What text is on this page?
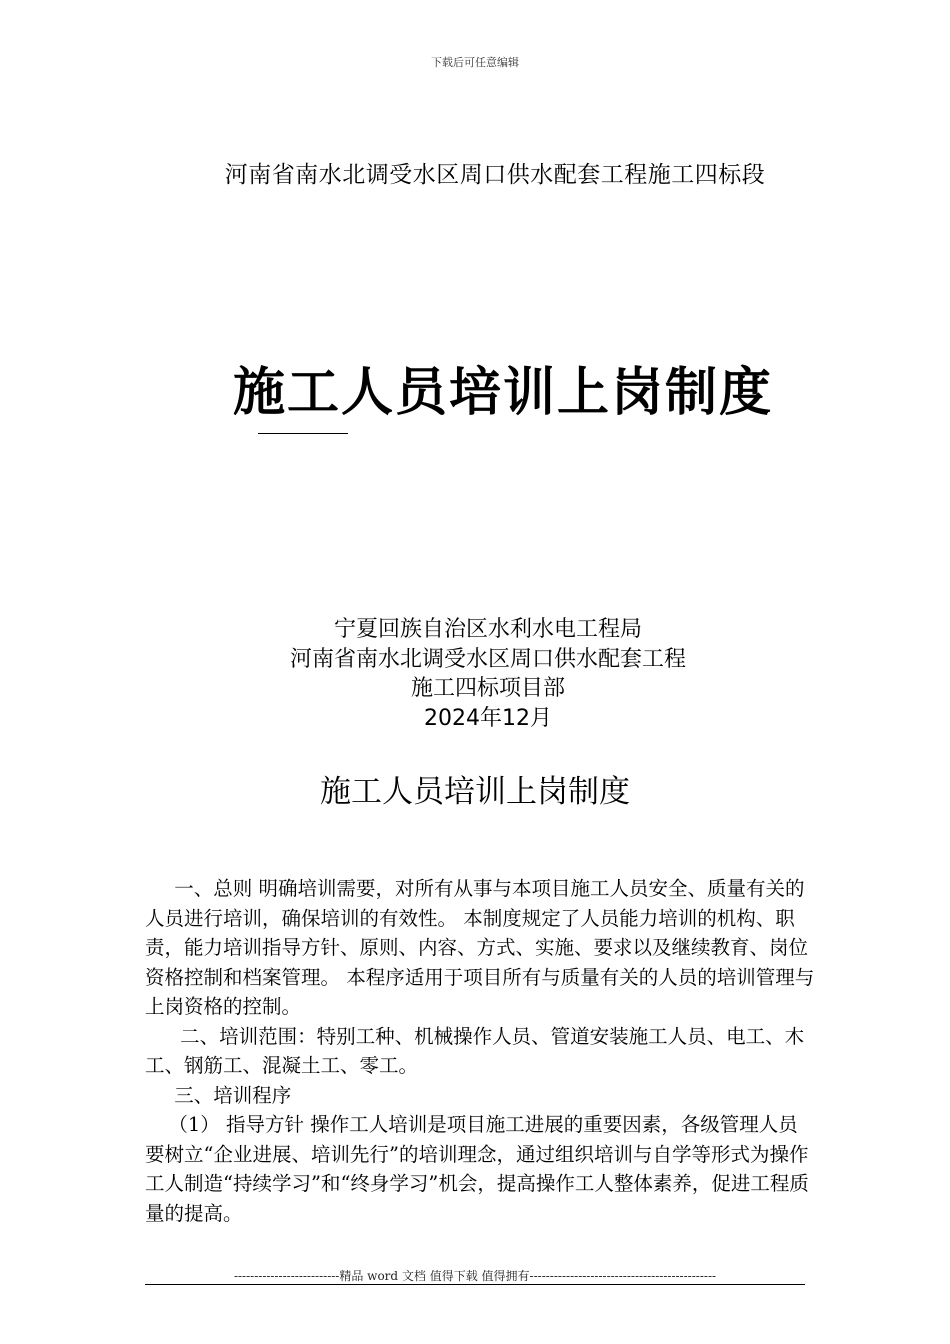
下载后可任意编辑
河南省南水北调受水区周口供水配套工程施工四标段
施工人员培训上岗制度
宁夏回族自治区水利水电工程局
河南省南水北调受水区周口供水配套工程
施工四标项目部
2024年12月
施工人员培训上岗制度

一、总则 明确培训需要，对所有从事与本项目施工人员安全、质量有关的人员进行培训，确保培训的有效性。 本制度规定了人员能力培训的机构、职责，能力培训指导方针、原则、内容、方式、实施、要求以及继续教育、岗位资格控制和档案管理。 本程序适用于项目所有与质量有关的人员的培训管理与上岗资格的控制。

二、培训范围：特别工种、机械操作人员、管道安装施工人员、电工、木工、钢筋工、混凝土工、零工。

三、培训程序

（1） 指导方针 操作工人培训是项目施工进展的重要因素，各级管理人员要树立“企业进展、培训先行”的培训理念，通过组织培训与自学等形式为操作工人制造“持续学习”和“终身学习”机会，提高操作工人整体素养，促进工程质量的提高。

--------------------------精品 word 文档 值得下载 值得拥有----------------------------------------------
